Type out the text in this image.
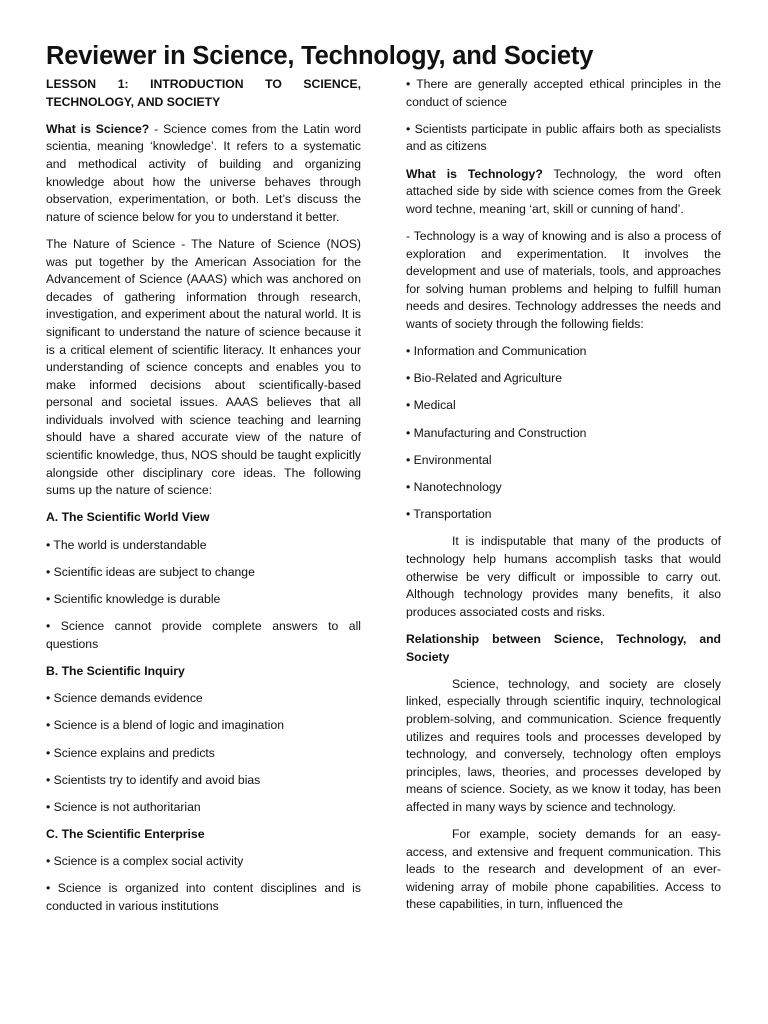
Reviewer in Science, Technology, and Society

LESSON 1: INTRODUCTION TO SCIENCE, TECHNOLOGY, AND SOCIETY

What is Science? - Science comes from the Latin word scientia, meaning ‘knowledge’. It refers to a systematic and methodical activity of building and organizing knowledge about how the universe behaves through observation, experimentation, or both. Let’s discuss the nature of science below for you to understand it better.

The Nature of Science - The Nature of Science (NOS) was put together by the American Association for the Advancement of Science (AAAS) which was anchored on decades of gathering information through research, investigation, and experiment about the natural world. It is significant to understand the nature of science because it is a critical element of scientific literacy. It enhances your understanding of science concepts and enables you to make informed decisions about scientifically-based personal and societal issues. AAAS believes that all individuals involved with science teaching and learning should have a shared accurate view of the nature of scientific knowledge, thus, NOS should be taught explicitly alongside other disciplinary core ideas. The following sums up the nature of science:

A. The Scientific World View

• The world is understandable

• Scientific ideas are subject to change

• Scientific knowledge is durable

• Science cannot provide complete answers to all questions

B. The Scientific Inquiry

• Science demands evidence

• Science is a blend of logic and imagination

• Science explains and predicts

• Scientists try to identify and avoid bias

• Science is not authoritarian

C. The Scientific Enterprise

• Science is a complex social activity

• Science is organized into content disciplines and is conducted in various institutions

• There are generally accepted ethical principles in the conduct of science

• Scientists participate in public affairs both as specialists and as citizens

What is Technology? Technology, the word often attached side by side with science comes from the Greek word techne, meaning ‘art, skill or cunning of hand’.

- Technology is a way of knowing and is also a process of exploration and experimentation. It involves the development and use of materials, tools, and approaches for solving human problems and helping to fulfill human needs and desires. Technology addresses the needs and wants of society through the following fields:

• Information and Communication

• Bio-Related and Agriculture

• Medical

• Manufacturing and Construction

• Environmental

• Nanotechnology

• Transportation

It is indisputable that many of the products of technology help humans accomplish tasks that would otherwise be very difficult or impossible to carry out. Although technology provides many benefits, it also produces associated costs and risks.

Relationship between Science, Technology, and Society

Science, technology, and society are closely linked, especially through scientific inquiry, technological problem-solving, and communication. Science frequently utilizes and requires tools and processes developed by technology, and conversely, technology often employs principles, laws, theories, and processes developed by means of science. Society, as we know it today, has been affected in many ways by science and technology.

For example, society demands for an easy-access, and extensive and frequent communication. This leads to the research and development of an ever-widening array of mobile phone capabilities. Access to these capabilities, in turn, influenced the
